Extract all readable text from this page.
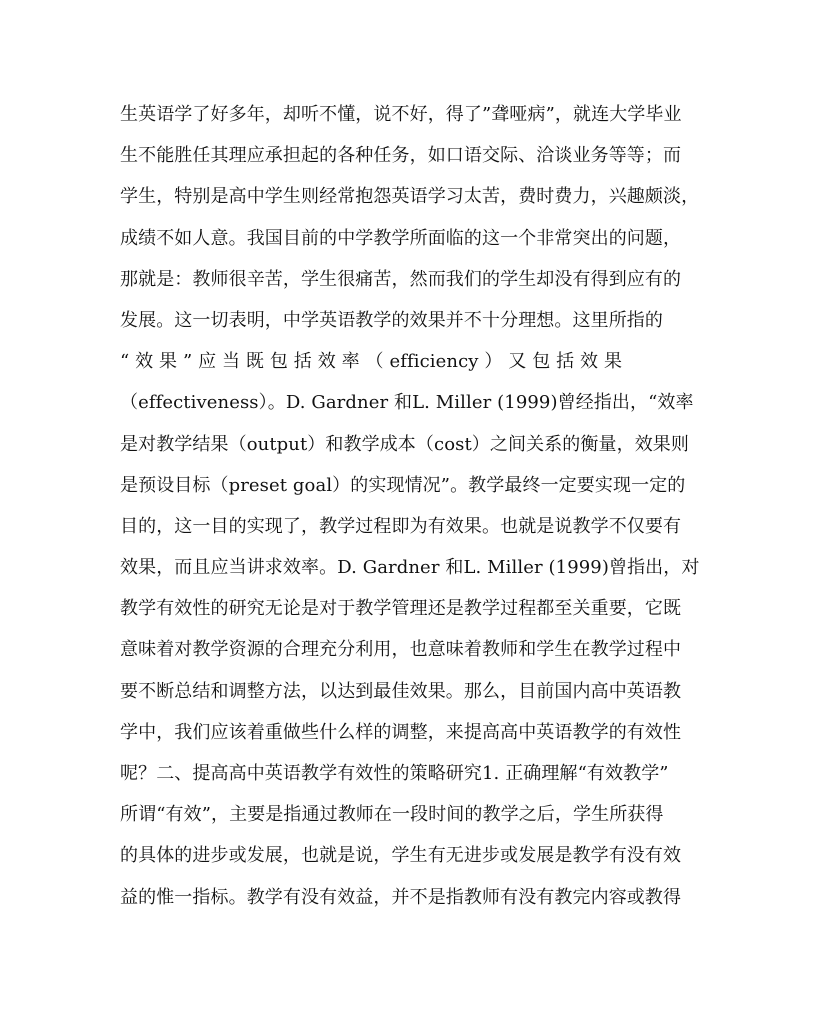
生英语学了好多年，却听不懂，说不好，得了”聋哑病”，就连大学毕业
生不能胜任其理应承担起的各种任务，如口语交际、洽谈业务等等；而
学生，特别是高中学生则经常抱怨英语学习太苦，费时费力，兴趣颇淡，
成绩不如人意。我国目前的中学教学所面临的这一个非常突出的问题，
那就是：教师很辛苦，学生很痛苦，然而我们的学生却没有得到应有的
发展。这一切表明，中学英语教学的效果并不十分理想。这里所指的
“ 效 果 ” 应 当 既 包 括 效 率 （ efficiency ） 又 包 括 效 果
（effectiveness）。D. Gardner 和L. Miller (1999)曾经指出，“效率
是对教学结果（output）和教学成本（cost）之间关系的衡量，效果则
是预设目标（preset goal）的实现情况”。教学最终一定要实现一定的
目的，这一目的实现了，教学过程即为有效果。也就是说教学不仅要有
效果，而且应当讲求效率。D. Gardner 和L. Miller (1999)曾指出，对
教学有效性的研究无论是对于教学管理还是教学过程都至关重要，它既
意味着对教学资源的合理充分利用，也意味着教师和学生在教学过程中
要不断总结和调整方法，以达到最佳效果。那么，目前国内高中英语教
学中，我们应该着重做些什么样的调整，来提高高中英语教学的有效性
呢？二、提高高中英语教学有效性的策略研究1. 正确理解“有效教学”
所谓“有效”，主要是指通过教师在一段时间的教学之后，学生所获得
的具体的进步或发展，也就是说，学生有无进步或发展是教学有没有效
益的惟一指标。教学有没有效益，并不是指教师有没有教完内容或教得
